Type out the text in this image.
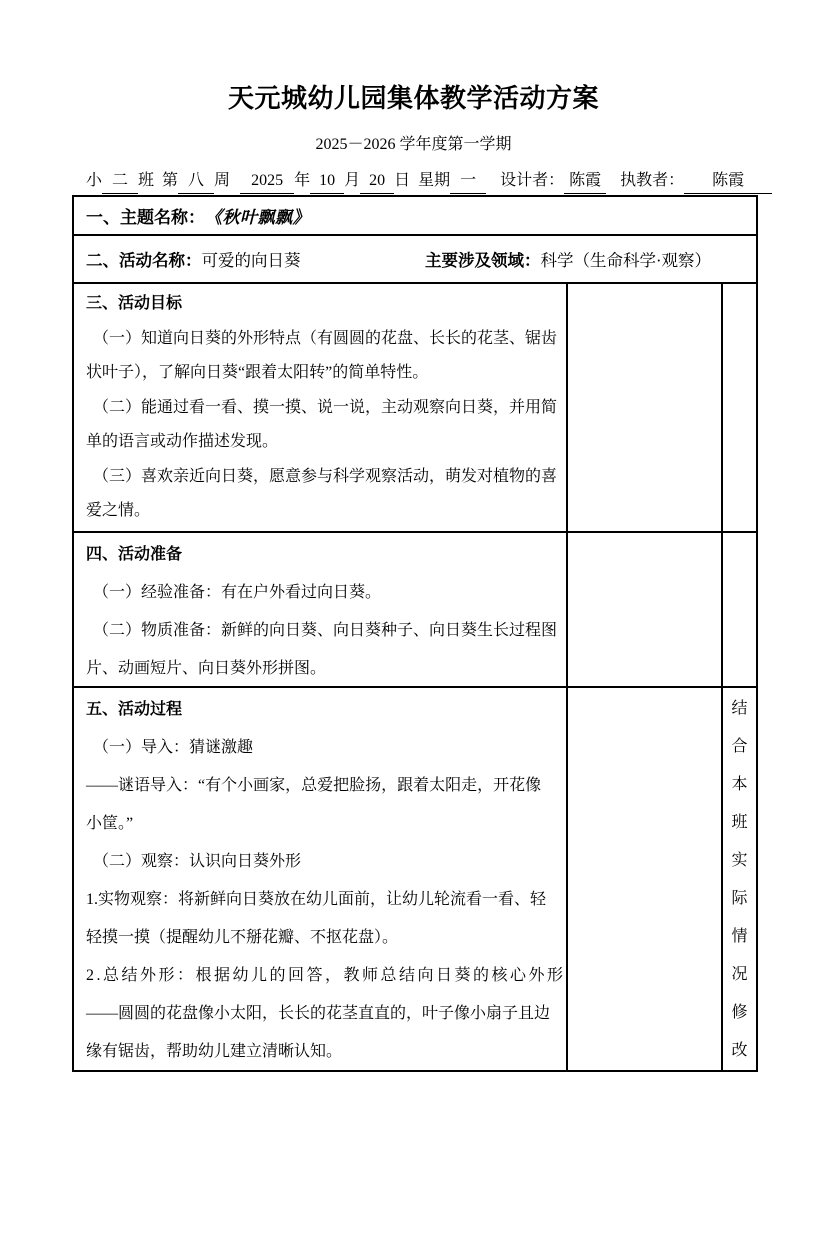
天元城幼儿园集体教学活动方案
2025－2026 学年度第一学期
小 二 班 第 八 周 2025 年 10 月 20 日 星期 一 设计者： 陈霞 执教者： 陈霞
一、主题名称： 《秋叶飘飘》
二、活动名称： 可爱的向日葵	主要涉及领域： 科学（生命科学·观察）
三、活动目标
（一）知道向日葵的外形特点（有圆圆的花盘、长长的花茎、锯齿
状叶子），了解向日葵“跟着太阳转”的简单特性。
（二）能通过看一看、摸一摸、说一说，主动观察向日葵，并用简
单的语言或动作描述发现。
（三）喜欢亲近向日葵，愿意参与科学观察活动，萌发对植物的喜
爱之情。
四、活动准备
（一）经验准备：有在户外看过向日葵。
（二）物质准备：新鲜的向日葵、向日葵种子、向日葵生长过程图
片、动画短片、向日葵外形拼图。
五、活动过程
（一）导入：猜谜激趣
——谜语导入：“有个小画家，总爱把脸扬，跟着太阳走，开花像
小筐。”
（二）观察：认识向日葵外形
1.实物观察：将新鲜向日葵放在幼儿面前，让幼儿轮流看一看、轻
轻摸一摸（提醒幼儿不掰花瓣、不抠花盘）。
2.总结外形：根据幼儿的回答，教师总结向日葵的核心外形
——圆圆的花盘像小太阳，长长的花茎直直的，叶子像小扇子且边
缘有锯齿，帮助幼儿建立清晰认知。
结
合
本
班
实
际
情
况
修
改
